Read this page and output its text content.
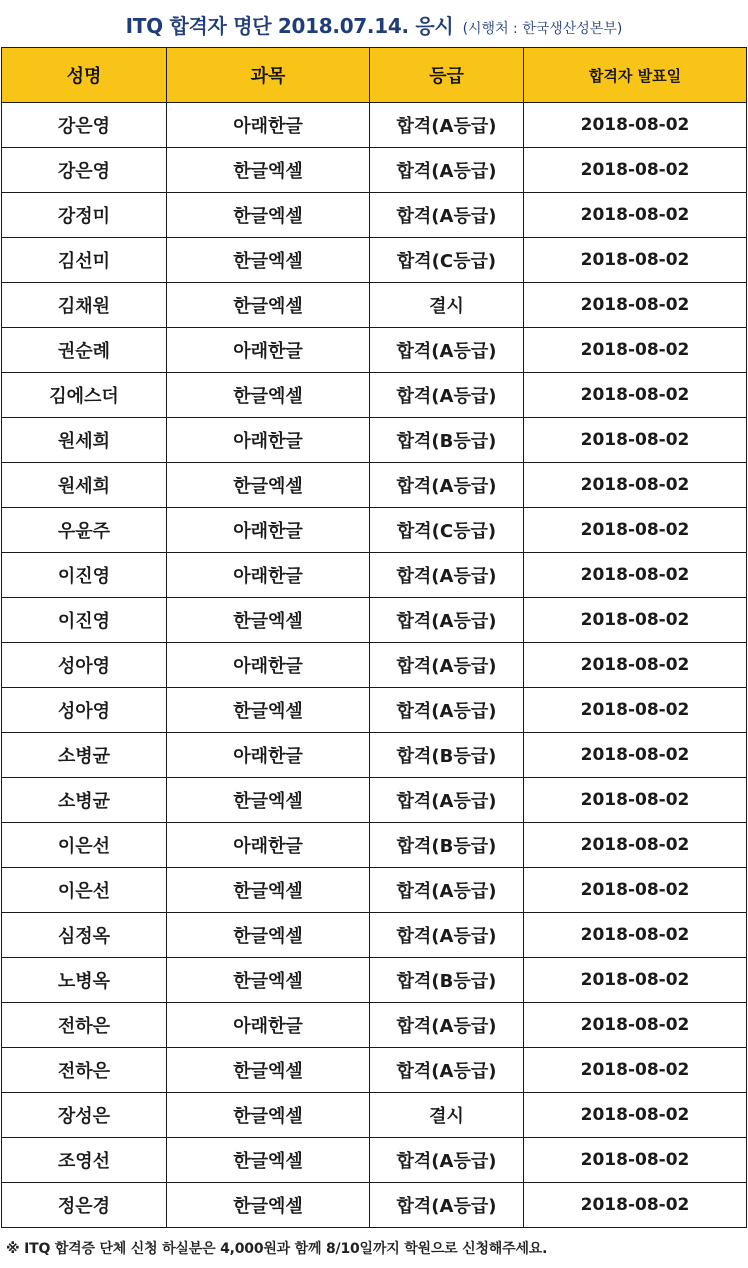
ITQ 합격자 명단 2018.07.14. 응시 (시행처 : 한국생산성본부)
성명	과목	등급	합격자 발표일
강은영	아래한글	합격(A등급)	2018-08-02
강은영	한글엑셀	합격(A등급)	2018-08-02
강정미	한글엑셀	합격(A등급)	2018-08-02
김선미	한글엑셀	합격(C등급)	2018-08-02
김채원	한글엑셀	결시	2018-08-02
권순례	아래한글	합격(A등급)	2018-08-02
김에스더	한글엑셀	합격(A등급)	2018-08-02
원세희	아래한글	합격(B등급)	2018-08-02
원세희	한글엑셀	합격(A등급)	2018-08-02
우윤주	아래한글	합격(C등급)	2018-08-02
이진영	아래한글	합격(A등급)	2018-08-02
이진영	한글엑셀	합격(A등급)	2018-08-02
성아영	아래한글	합격(A등급)	2018-08-02
성아영	한글엑셀	합격(A등급)	2018-08-02
소병균	아래한글	합격(B등급)	2018-08-02
소병균	한글엑셀	합격(A등급)	2018-08-02
이은선	아래한글	합격(B등급)	2018-08-02
이은선	한글엑셀	합격(A등급)	2018-08-02
심정옥	한글엑셀	합격(A등급)	2018-08-02
노병옥	한글엑셀	합격(B등급)	2018-08-02
전하은	아래한글	합격(A등급)	2018-08-02
전하은	한글엑셀	합격(A등급)	2018-08-02
장성은	한글엑셀	결시	2018-08-02
조영선	한글엑셀	합격(A등급)	2018-08-02
정은경	한글엑셀	합격(A등급)	2018-08-02
※ ITQ 합격증 단체 신청 하실분은 4,000원과 함께 8/10일까지 학원으로 신청해주세요.
